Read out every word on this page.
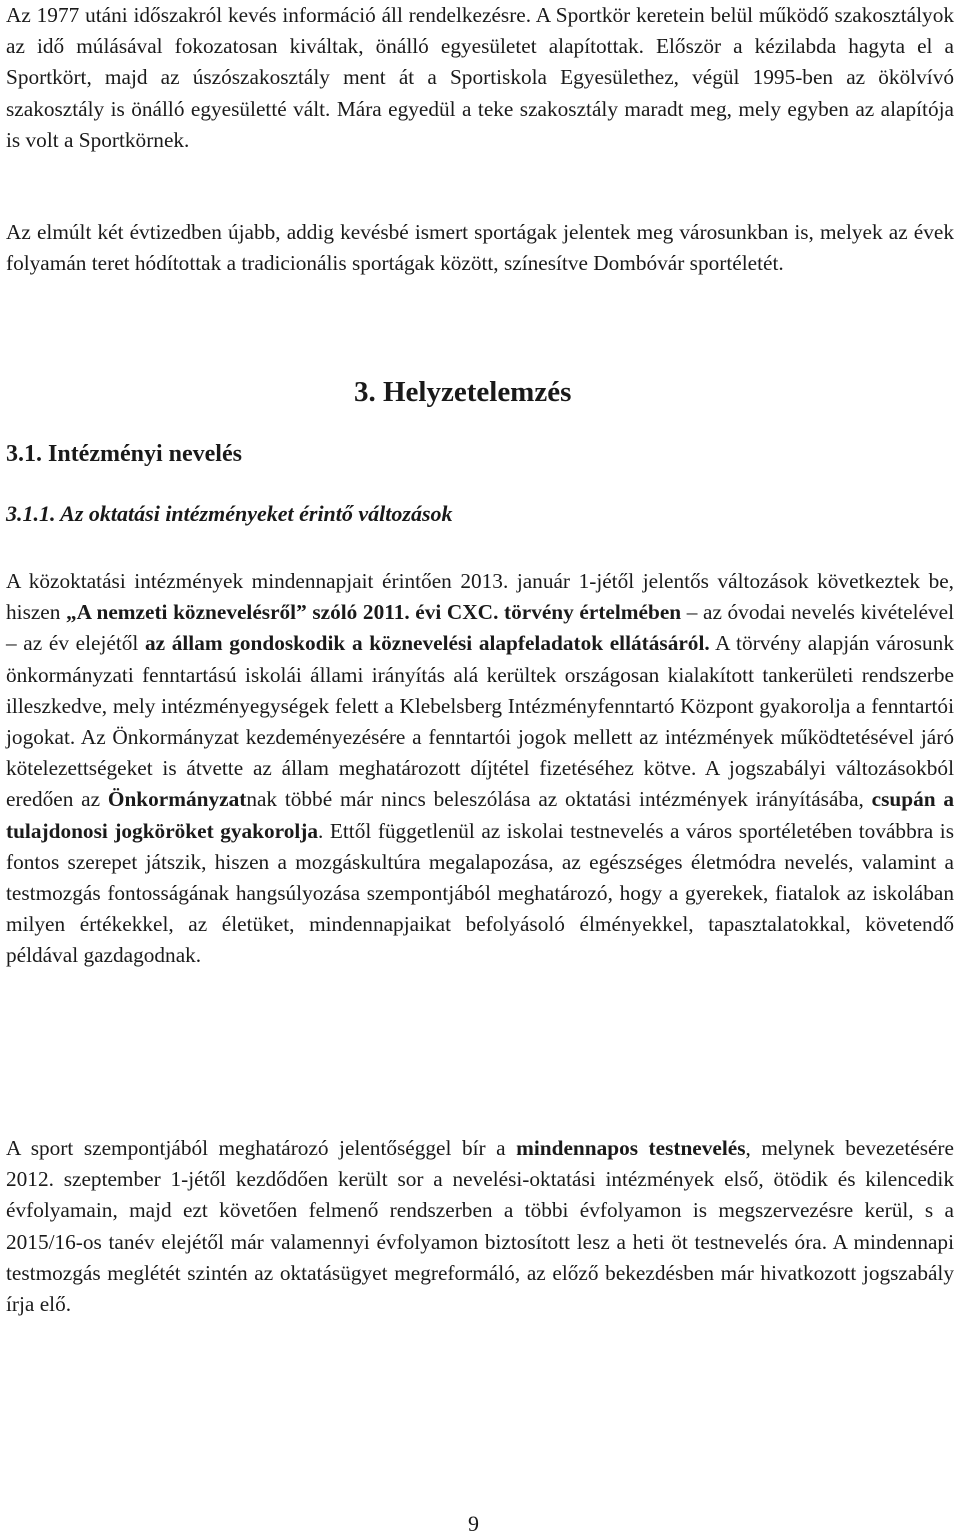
Az 1977 utáni időszakról kevés információ áll rendelkezésre. A Sportkör keretein belül működő szakosztályok az idő múlásával fokozatosan kiváltak, önálló egyesületet alapítottak. Először a kézilabda hagyta el a Sportkört, majd az úszószakosztály ment át a Sportiskola Egyesülethez, végül 1995-ben az ökölvívó szakosztály is önálló egyesületté vált. Mára egyedül a teke szakosztály maradt meg, mely egyben az alapítója is volt a Sportkörnek.

Az elmúlt két évtizedben újabb, addig kevésbé ismert sportágak jelentek meg városunkban is, melyek az évek folyamán teret hódítottak a tradicionális sportágak között, színesítve Dombóvár sportéletét.

3. Helyzetelemzés
3.1. Intézményi nevelés
3.1.1. Az oktatási intézményeket érintő változások

A közoktatási intézmények mindennapjait érintően 2013. január 1-jétől jelentős változások következtek be, hiszen „A nemzeti köznevelésről” szóló 2011. évi CXC. törvény értelmében – az óvodai nevelés kivételével – az év elejétől az állam gondoskodik a köznevelési alapfeladatok ellátásáról. A törvény alapján városunk önkormányzati fenntartású iskolái állami irányítás alá kerültek országosan kialakított tankerületi rendszerbe illeszkedve, mely intézményegységek felett a Klebelsberg Intézményfenntartó Központ gyakorolja a fenntartói jogokat. Az Önkormányzat kezdeményezésére a fenntartói jogok mellett az intézmények működtetésével járó kötelezettségeket is átvette az állam meghatározott díjtétel fizetéséhez kötve. A jogszabályi változásokból eredően az Önkormányzatnak többé már nincs beleszólása az oktatási intézmények irányításába, csupán a tulajdonosi jogköröket gyakorolja. Ettől függetlenül az iskolai testnevelés a város sportéletében továbbra is fontos szerepet játszik, hiszen a mozgáskultúra megalapozása, az egészséges életmódra nevelés, valamint a testmozgás fontosságának hangsúlyozása szempontjából meghatározó, hogy a gyerekek, fiatalok az iskolában milyen értékekkel, az életüket, mindennapjaikat befolyásoló élményekkel, tapasztalatokkal, követendő példával gazdagodnak.

A sport szempontjából meghatározó jelentőséggel bír a mindennapos testnevelés, melynek bevezetésére 2012. szeptember 1-jétől kezdődően került sor a nevelési-oktatási intézmények első, ötödik és kilencedik évfolyamain, majd ezt követően felmenő rendszerben a többi évfolyamon is megszervezésre kerül, s a 2015/16-os tanév elejétől már valamennyi évfolyamon biztosított lesz a heti öt testnevelés óra. A mindennapi testmozgás meglétét szintén az oktatásügyet megreformáló, az előző bekezdésben már hivatkozott jogszabály írja elő.

9
